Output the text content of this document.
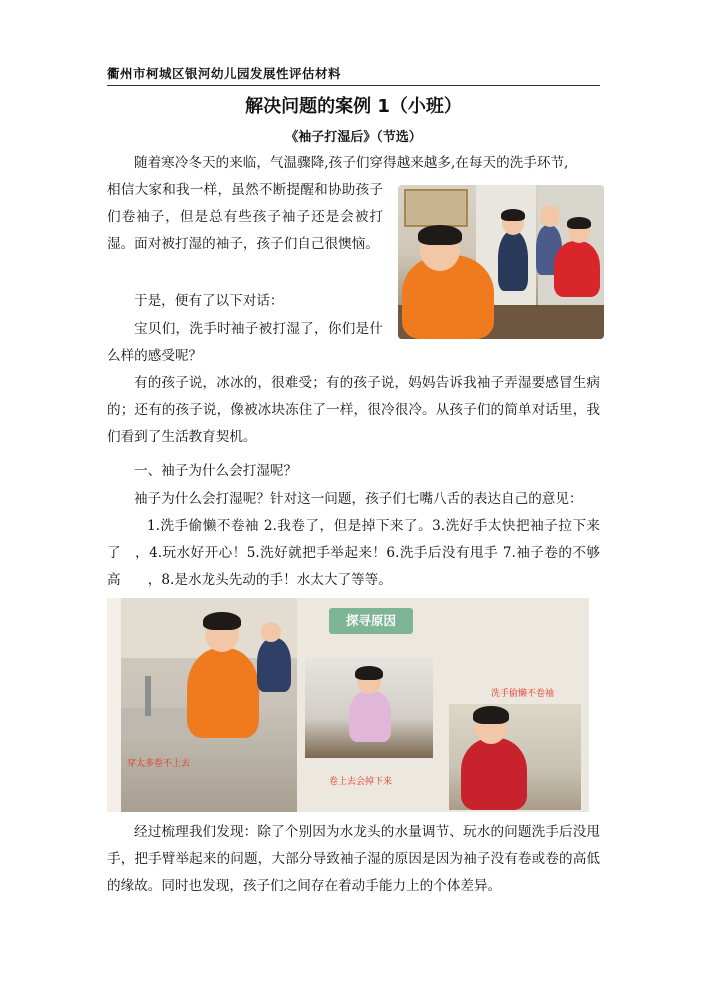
衢州市柯城区银河幼儿园发展性评估材料
解决问题的案例 1（小班）
《袖子打湿后》（节选）

随着寒冷冬天的来临，气温骤降,孩子们穿得越来越多,在每天的洗手环节,

相信大家和我一样，虽然不断提醒和协助孩子们卷袖子，但是总有些孩子袖子还是会被打湿。面对被打湿的袖子，孩子们自己很懊恼。

于是，便有了以下对话：

宝贝们，洗手时袖子被打湿了，你们是什么样的感受呢？

有的孩子说，冰冰的，很难受；有的孩子说，妈妈告诉我袖子弄湿要感冒生病的；还有的孩子说，像被冰块冻住了一样，很冷很冷。从孩子们的简单对话里，我们看到了生活教育契机。

一、袖子为什么会打湿呢？

袖子为什么会打湿呢？针对这一问题，孩子们七嘴八舌的表达自己的意见：

1.洗手偷懒不卷袖 2.我卷了，但是掉下来了。3.洗好手太快把袖子拉下来了　，4.玩水好开心！5.洗好就把手举起来！6.洗手后没有甩手 7.袖子卷的不够高　　，8.是水龙头先动的手！水太大了等等。

探寻原因
穿太多卷不上去
卷上去会掉下来
洗手偷懒不卷袖

经过梳理我们发现：除了个别因为水龙头的水量调节、玩水的问题洗手后没甩手，把手臂举起来的问题，大部分导致袖子湿的原因是因为袖子没有卷或卷的高低的缘故。同时也发现，孩子们之间存在着动手能力上的个体差异。
